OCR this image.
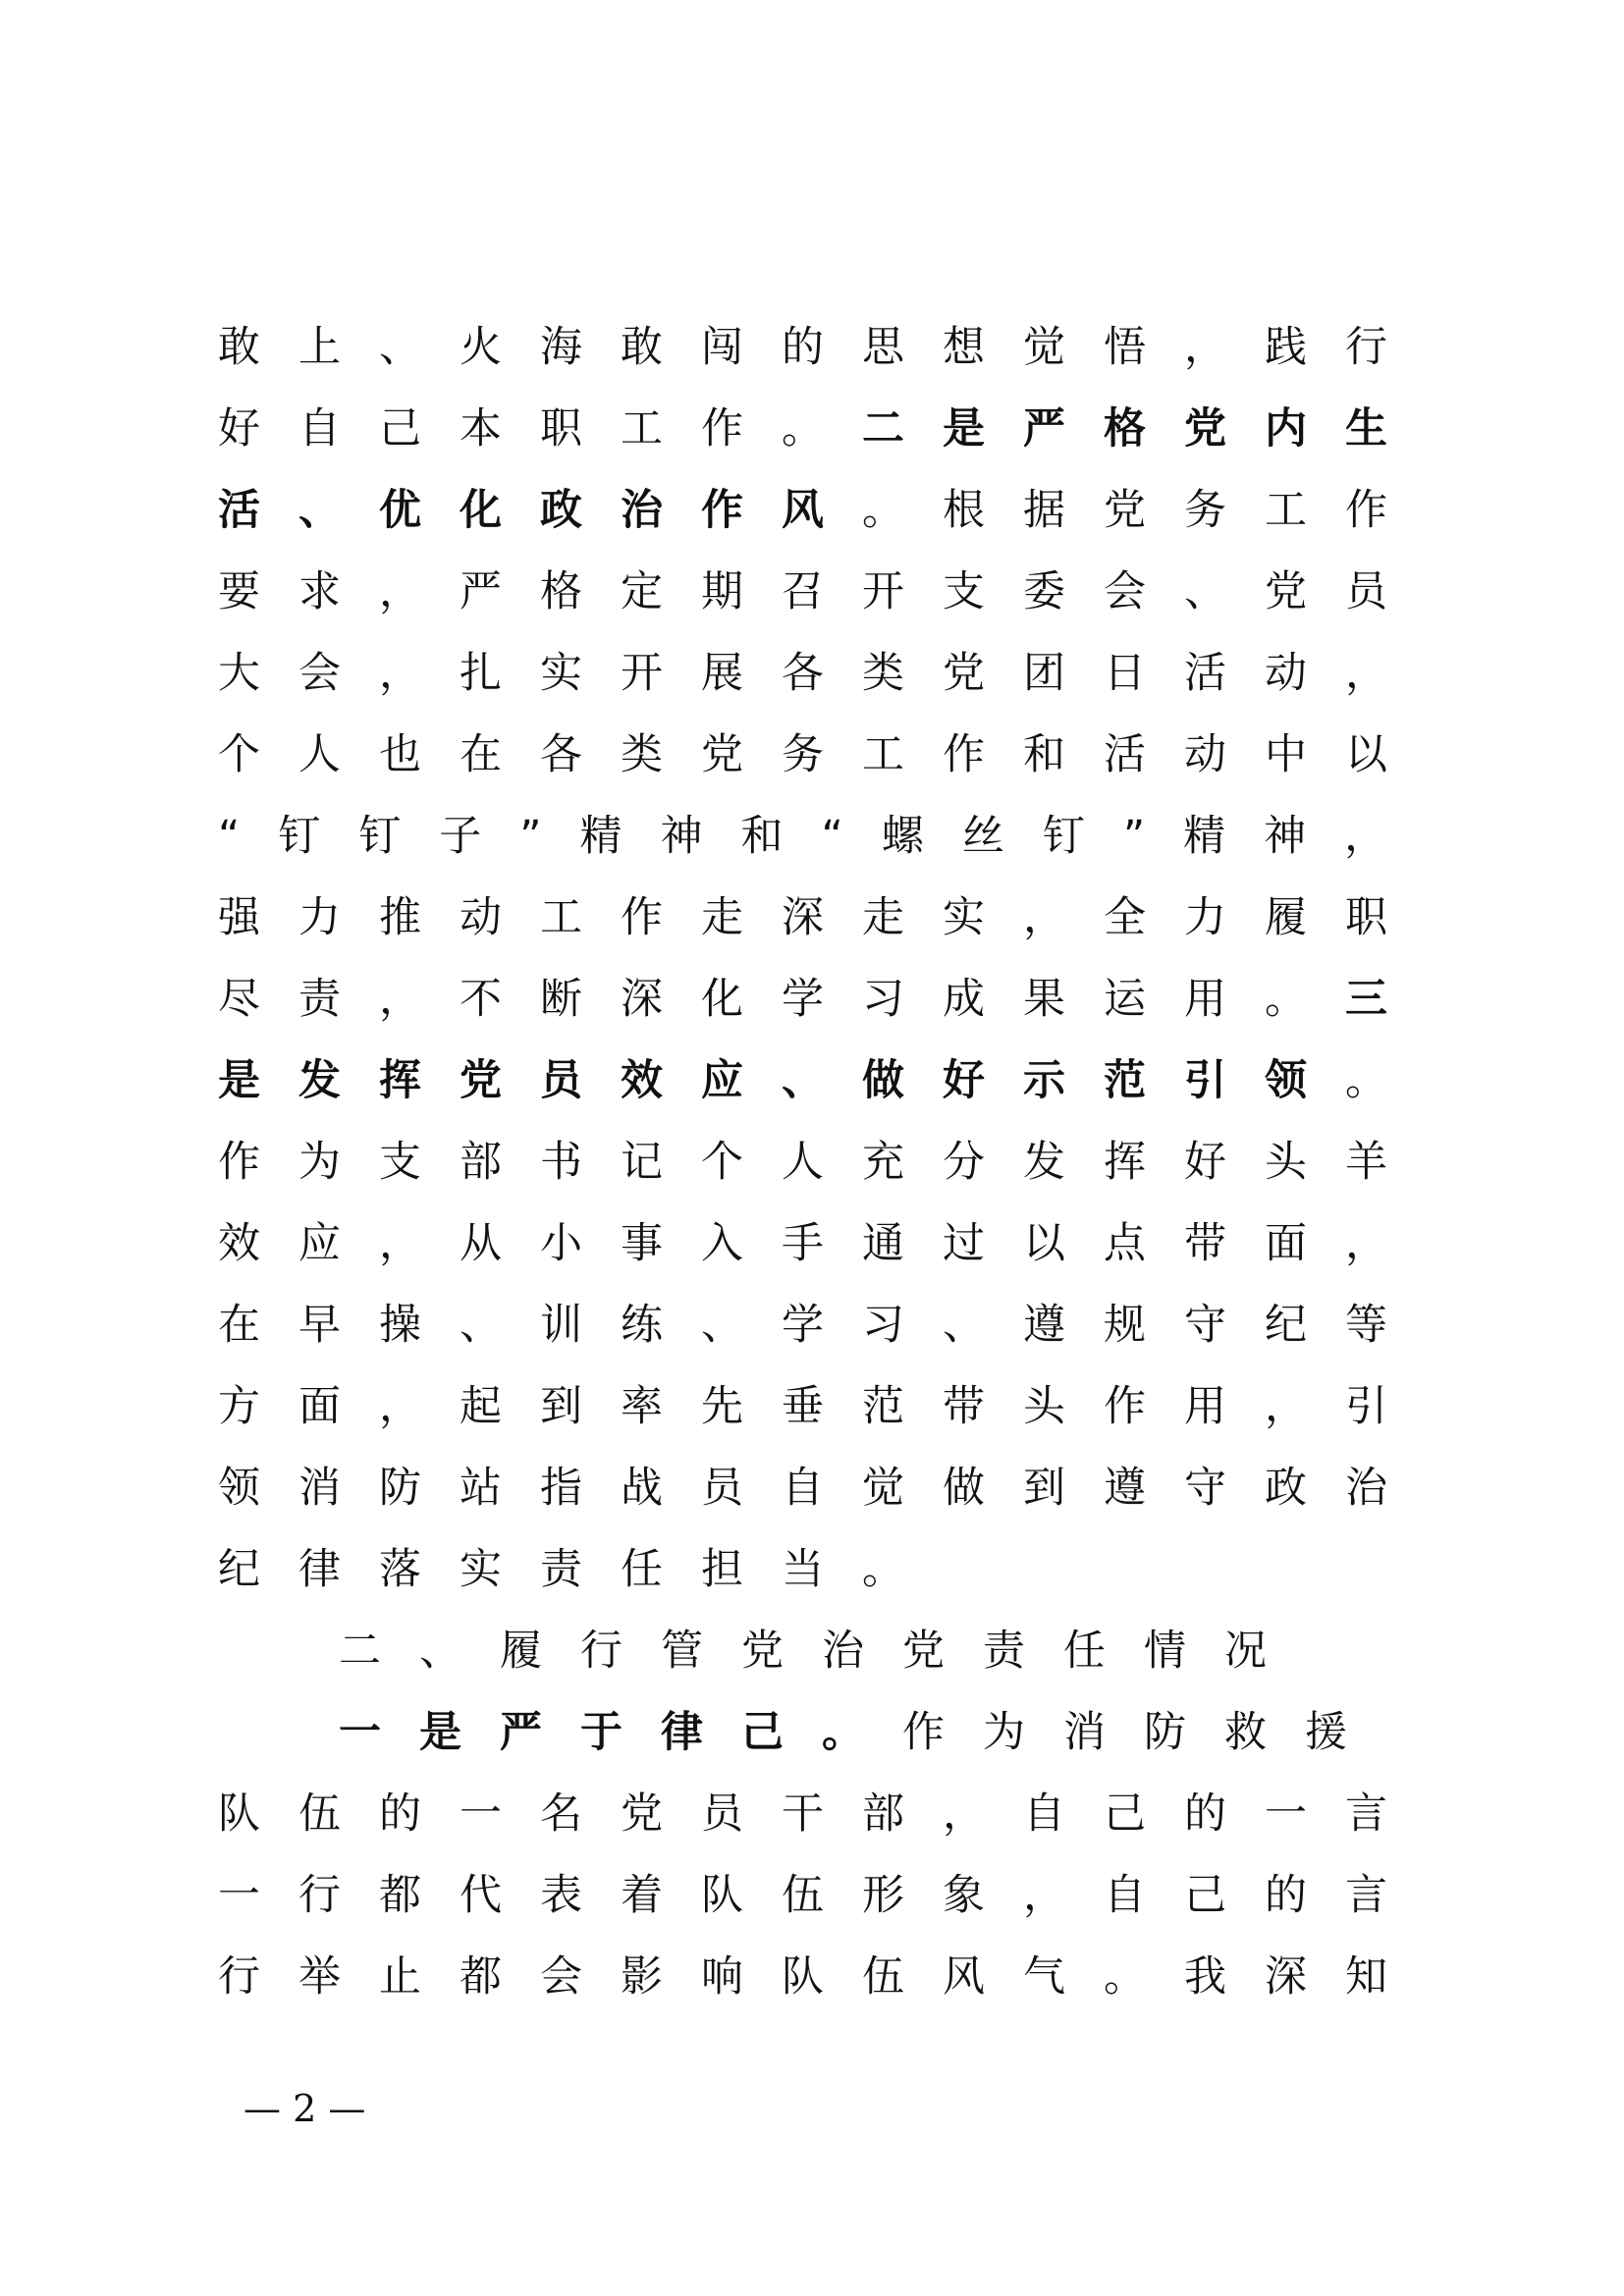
敢上、火海敢闯的思想觉悟，践行
好自己本职工作。二是严格党内生
活、优化政治作风。根据党务工作
要求，严格定期召开支委会、党员
大会，扎实开展各类党团日活动，
个人也在各类党务工作和活动中以
“钉钉子”精神和“螺丝钉”精神，
强力推动工作走深走实，全力履职
尽责，不断深化学习成果运用。三
是发挥党员效应、做好示范引领。
作为支部书记个人充分发挥好头羊
效应，从小事入手通过以点带面，
在早操、训练、学习、遵规守纪等
方面，起到率先垂范带头作用，引
领消防站指战员自觉做到遵守政治
纪律落实责任担当。
二、履行管党治党责任情况
一是严于律己。作为消防救援
队伍的一名党员干部，自己的一言
一行都代表着队伍形象，自己的言
行举止都会影响队伍风气。我深知
— 2 —
